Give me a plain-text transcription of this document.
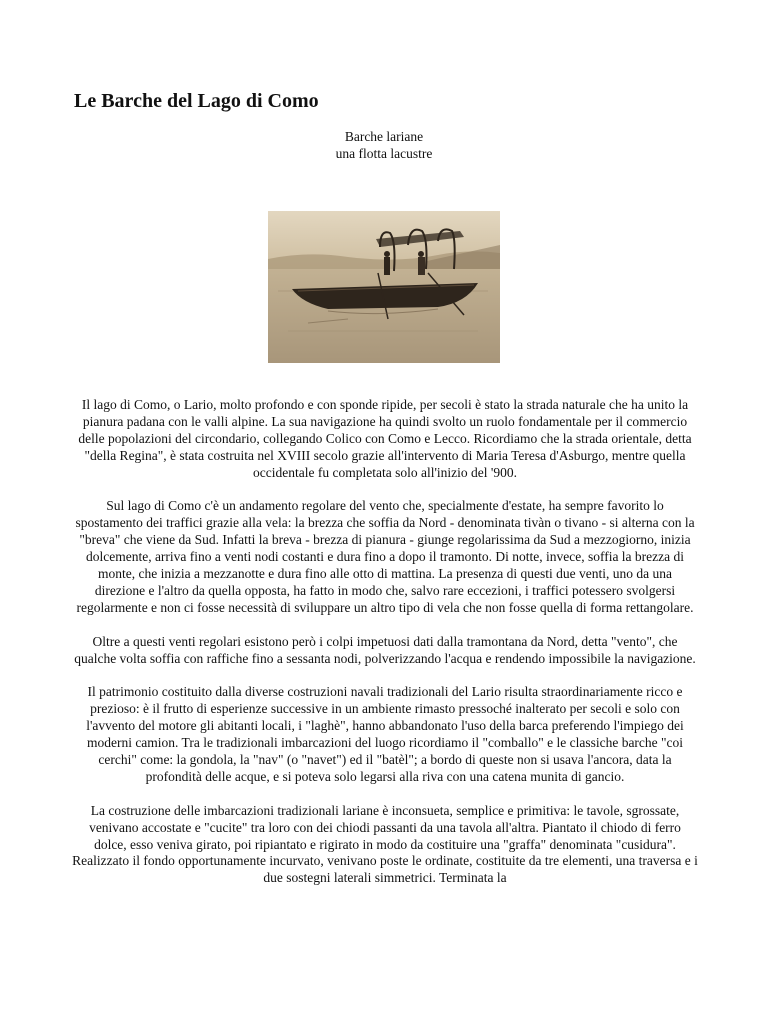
Le Barche del Lago di Como
Barche lariane
una flotta lacustre

Il lago di Como, o Lario, molto profondo e con sponde ripide, per secoli è stato la strada naturale che ha unito la pianura padana con le valli alpine. La sua navigazione ha quindi svolto un ruolo fondamentale per il commercio delle popolazioni del circondario, collegando Colico con Como e Lecco. Ricordiamo che la strada orientale, detta "della Regina", è stata costruita nel XVIII secolo grazie all'intervento di Maria Teresa d'Asburgo, mentre quella occidentale fu completata solo all'inizio del '900.

Sul lago di Como c'è un andamento regolare del vento che, specialmente d'estate, ha sempre favorito lo spostamento dei traffici grazie alla vela: la brezza che soffia da Nord - denominata tivàn o tivano - si alterna con la "breva" che viene da Sud. Infatti la breva - brezza di pianura - giunge regolarissima da Sud a mezzogiorno, inizia dolcemente, arriva fino a venti nodi costanti e dura fino a dopo il tramonto. Di notte, invece, soffia la brezza di monte, che inizia a mezzanotte e dura fino alle otto di mattina. La presenza di questi due venti, uno da una direzione e l'altro da quella opposta, ha fatto in modo che, salvo rare eccezioni, i traffici potessero svolgersi regolarmente e non ci fosse necessità di sviluppare un altro tipo di vela che non fosse quella di forma rettangolare.

Oltre a questi venti regolari esistono però i colpi impetuosi dati dalla tramontana da Nord, detta "vento", che qualche volta soffia con raffiche fino a sessanta nodi, polverizzando l'acqua e rendendo impossibile la navigazione.

Il patrimonio costituito dalla diverse costruzioni navali tradizionali del Lario risulta straordinariamente ricco e prezioso: è il frutto di esperienze successive in un ambiente rimasto pressoché inalterato per secoli e solo con l'avvento del motore gli abitanti locali, i "laghè", hanno abbandonato l'uso della barca preferendo l'impiego dei moderni camion. Tra le tradizionali imbarcazioni del luogo ricordiamo il "comballo" e le classiche barche "coi cerchi" come: la gondola, la "nav" (o "navet") ed il "batèl"; a bordo di queste non si usava l'ancora, data la profondità delle acque, e si poteva solo legarsi alla riva con una catena munita di gancio.

La costruzione delle imbarcazioni tradizionali lariane è inconsueta, semplice e primitiva: le tavole, sgrossate, venivano accostate e "cucite" tra loro con dei chiodi passanti da una tavola all'altra. Piantato il chiodo di ferro dolce, esso veniva girato, poi ripiantato e rigirato in modo da costituire una "graffa" denominata "cusidura". Realizzato il fondo opportunamente incurvato, venivano poste le ordinate, costituite da tre elementi, una traversa e i due sostegni laterali simmetrici. Terminata la
